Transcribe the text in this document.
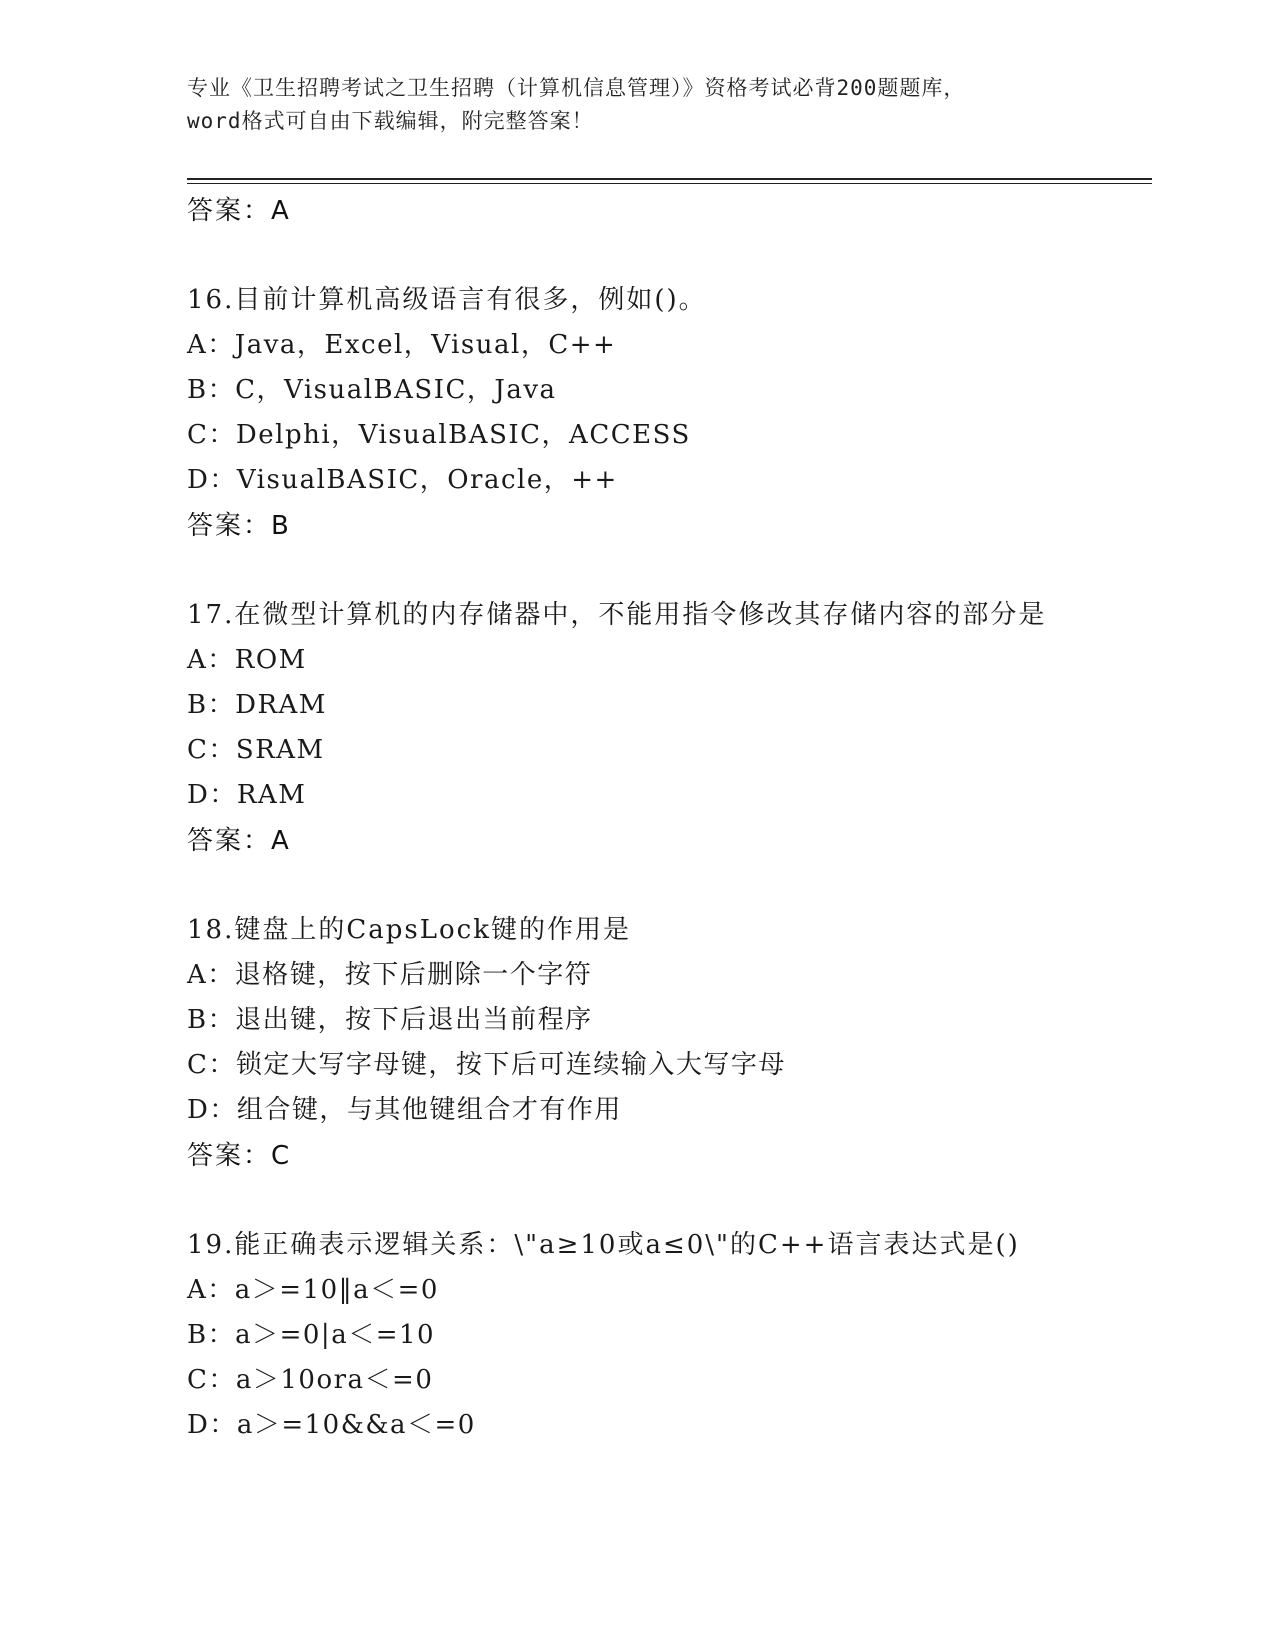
专业《卫生招聘考试之卫生招聘（计算机信息管理）》资格考试必背200题题库，
word格式可自由下载编辑，附完整答案！
答案：A
16.目前计算机高级语言有很多，例如()。
A：Java，Excel，Visual，C++
B：C，VisualBASIC，Java
C：Delphi，VisualBASIC，ACCESS
D：VisualBASIC，Oracle，++
答案：B
17.在微型计算机的内存储器中，不能用指令修改其存储内容的部分是
A：ROM
B：DRAM
C：SRAM
D：RAM
答案：A
18.键盘上的CapsLock键的作用是
A：退格键，按下后删除一个字符
B：退出键，按下后退出当前程序
C：锁定大写字母键，按下后可连续输入大写字母
D：组合键，与其他键组合才有作用
答案：C
19.能正确表示逻辑关系：\"a≥10或a≤0\"的C++语言表达式是()
A：a＞=10‖a＜=0
B：a＞=0|a＜=10
C：a＞10ora＜=0
D：a＞=10&&a＜=0
